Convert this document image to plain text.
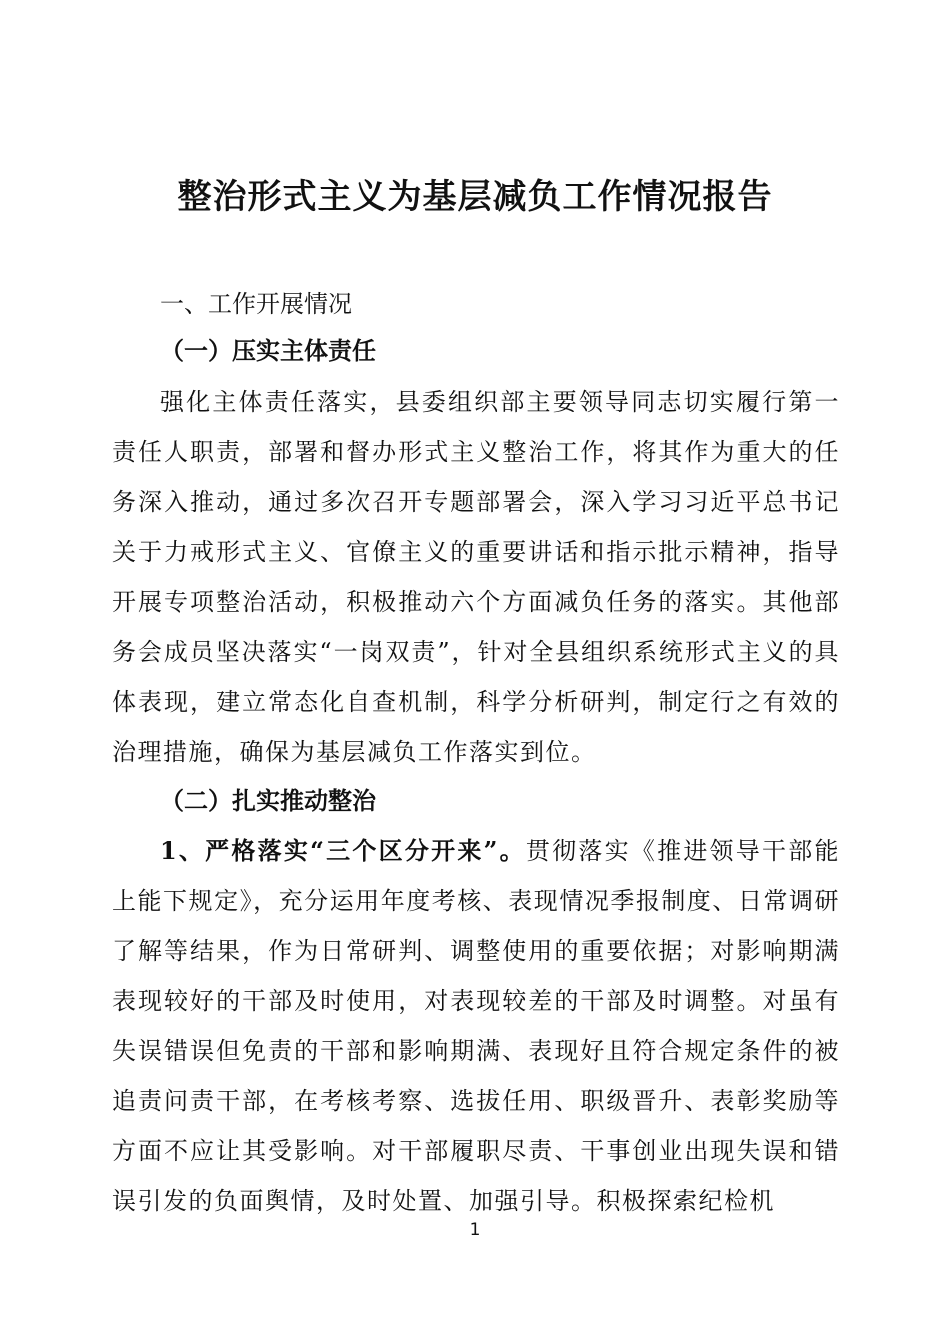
整治形式主义为基层减负工作情况报告
一、工作开展情况
（一）压实主体责任

强化主体责任落实，县委组织部主要领导同志切实履行第一责任人职责，部署和督办形式主义整治工作，将其作为重大的任务深入推动，通过多次召开专题部署会，深入学习习近平总书记关于力戒形式主义、官僚主义的重要讲话和指示批示精神，指导开展专项整治活动，积极推动六个方面减负任务的落实。其他部务会成员坚决落实“一岗双责”，针对全县组织系统形式主义的具体表现，建立常态化自查机制，科学分析研判，制定行之有效的治理措施，确保为基层减负工作落实到位。

（二）扎实推动整治

1、严格落实“三个区分开来”。贯彻落实《推进领导干部能上能下规定》，充分运用年度考核、表现情况季报制度、日常调研了解等结果，作为日常研判、调整使用的重要依据；对影响期满表现较好的干部及时使用，对表现较差的干部及时调整。对虽有失误错误但免责的干部和影响期满、表现好且符合规定条件的被追责问责干部，在考核考察、选拔任用、职级晋升、表彰奖励等方面不应让其受影响。对干部履职尽责、干事创业出现失误和错误引发的负面舆情，及时处置、加强引导。积极探索纪检机

1
